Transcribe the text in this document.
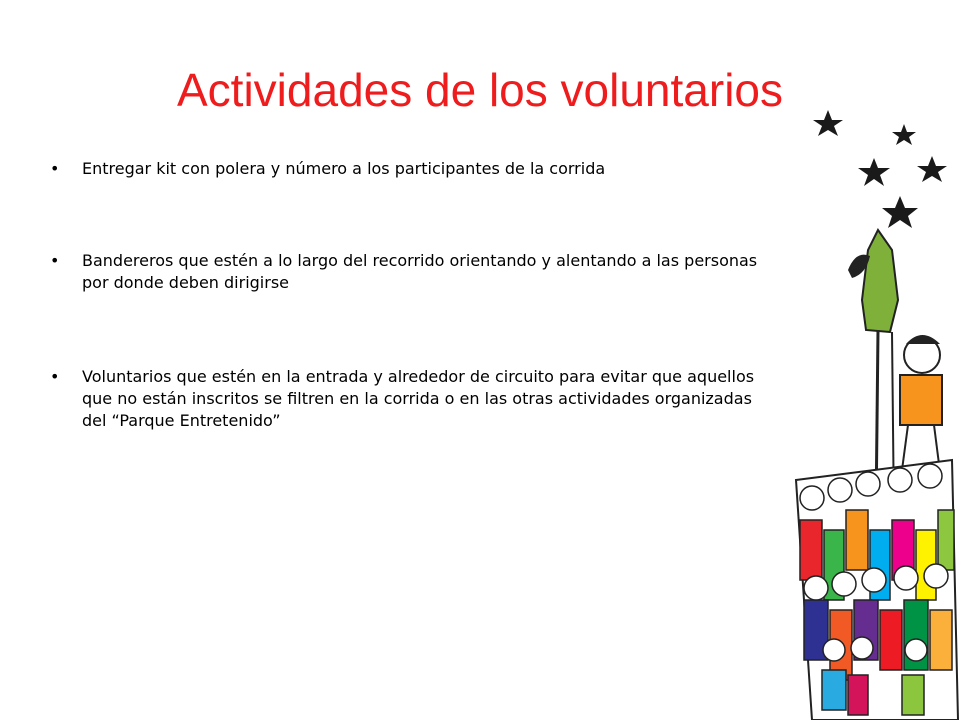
Actividades de los voluntarios
•	Entregar kit con polera y número a los participantes de la corrida
•	Bandereros que estén a lo largo del recorrido orientando y alentando a las personas por donde deben dirigirse
•	Voluntarios que estén en la entrada y alrededor de circuito para evitar que aquellos que no están inscritos se filtren en la corrida o en las otras actividades organizadas del “Parque Entretenido”
